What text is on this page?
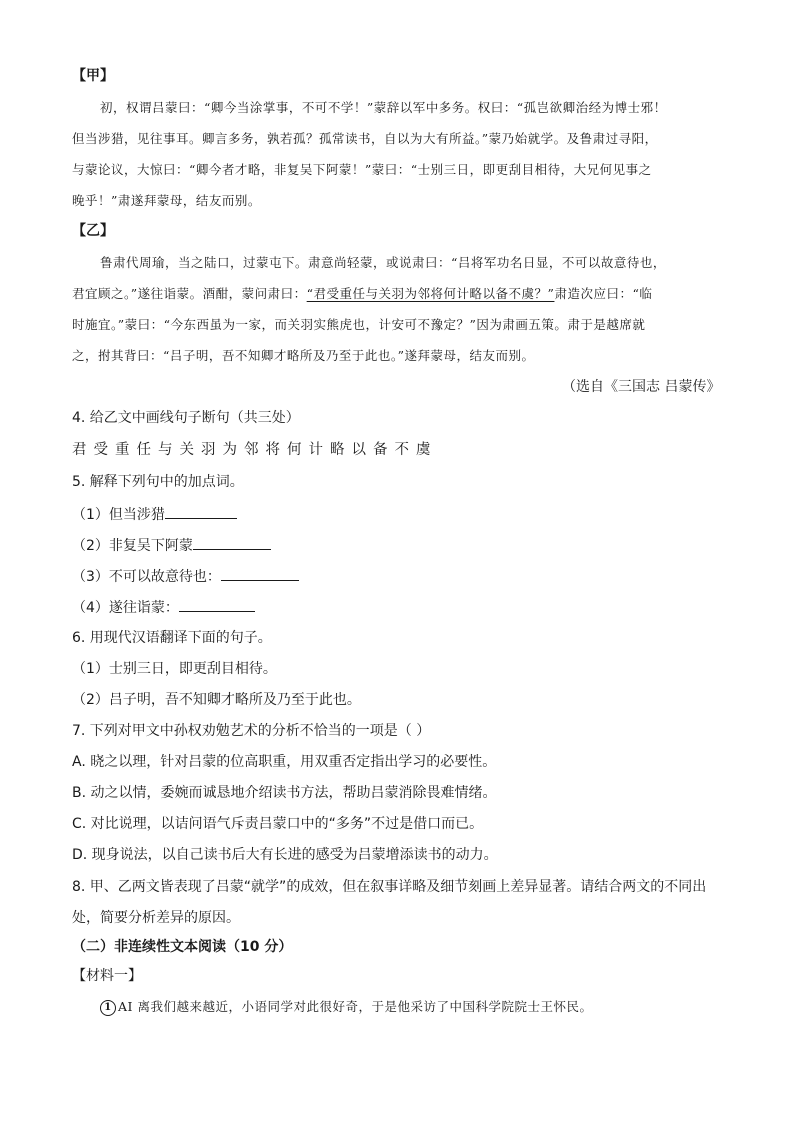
【甲】
初，权谓吕蒙曰：“卿今当涂掌事，不可不学！”蒙辞以军中多务。权曰：“孤岂欲卿治经为博士邪！
但当涉猎，见往事耳。卿言多务，孰若孤？孤常读书，自以为大有所益。”蒙乃始就学。及鲁肃过寻阳，
与蒙论议，大惊曰：“卿今者才略，非复吴下阿蒙！”蒙曰：“士别三日，即更刮目相待，大兄何见事之
晚乎！”肃遂拜蒙母，结友而别。
【乙】
鲁肃代周瑜，当之陆口，过蒙屯下。肃意尚轻蒙，或说肃曰：“吕将军功名日显，不可以故意待也，
君宜顾之。”遂往诣蒙。酒酣，蒙问肃曰：“君受重任与关羽为邻将何计略以备不虞？”肃造次应曰：“临
时施宜。”蒙曰：“今东西虽为一家，而关羽实熊虎也，计安可不豫定？”因为肃画五策。肃于是越席就
之，拊其背曰：“吕子明，吾不知卿才略所及乃至于此也。”遂拜蒙母，结友而别。
（选自《三国志 吕蒙传》
4. 给乙文中画线句子断句（共三处）
君受重任与关羽为邻将何计略以备不虞
5. 解释下列句中的加点词。
（1）但当涉猎
（2）非复吴下阿蒙
（3）不可以故意待也：
（4）遂往诣蒙：
6. 用现代汉语翻译下面的句子。
（1）士别三日，即更刮目相待。
（2）吕子明，吾不知卿才略所及乃至于此也。
7. 下列对甲文中孙权劝勉艺术的分析不恰当的一项是（ ）
A. 晓之以理，针对吕蒙的位高职重，用双重否定指出学习的必要性。
B. 动之以情，委婉而诚恳地介绍读书方法，帮助吕蒙消除畏难情绪。
C. 对比说理，以诘问语气斥责吕蒙口中的“多务”不过是借口而已。
D. 现身说法，以自己读书后大有长进的感受为吕蒙增添读书的动力。
8. 甲、乙两文皆表现了吕蒙“就学”的成效，但在叙事详略及细节刻画上差异显著。请结合两文的不同出
处，简要分析差异的原因。
（二）非连续性文本阅读（10 分）
【材料一】
1 AI 离我们越来越近，小语同学对此很好奇，于是他采访了中国科学院院士王怀民。
